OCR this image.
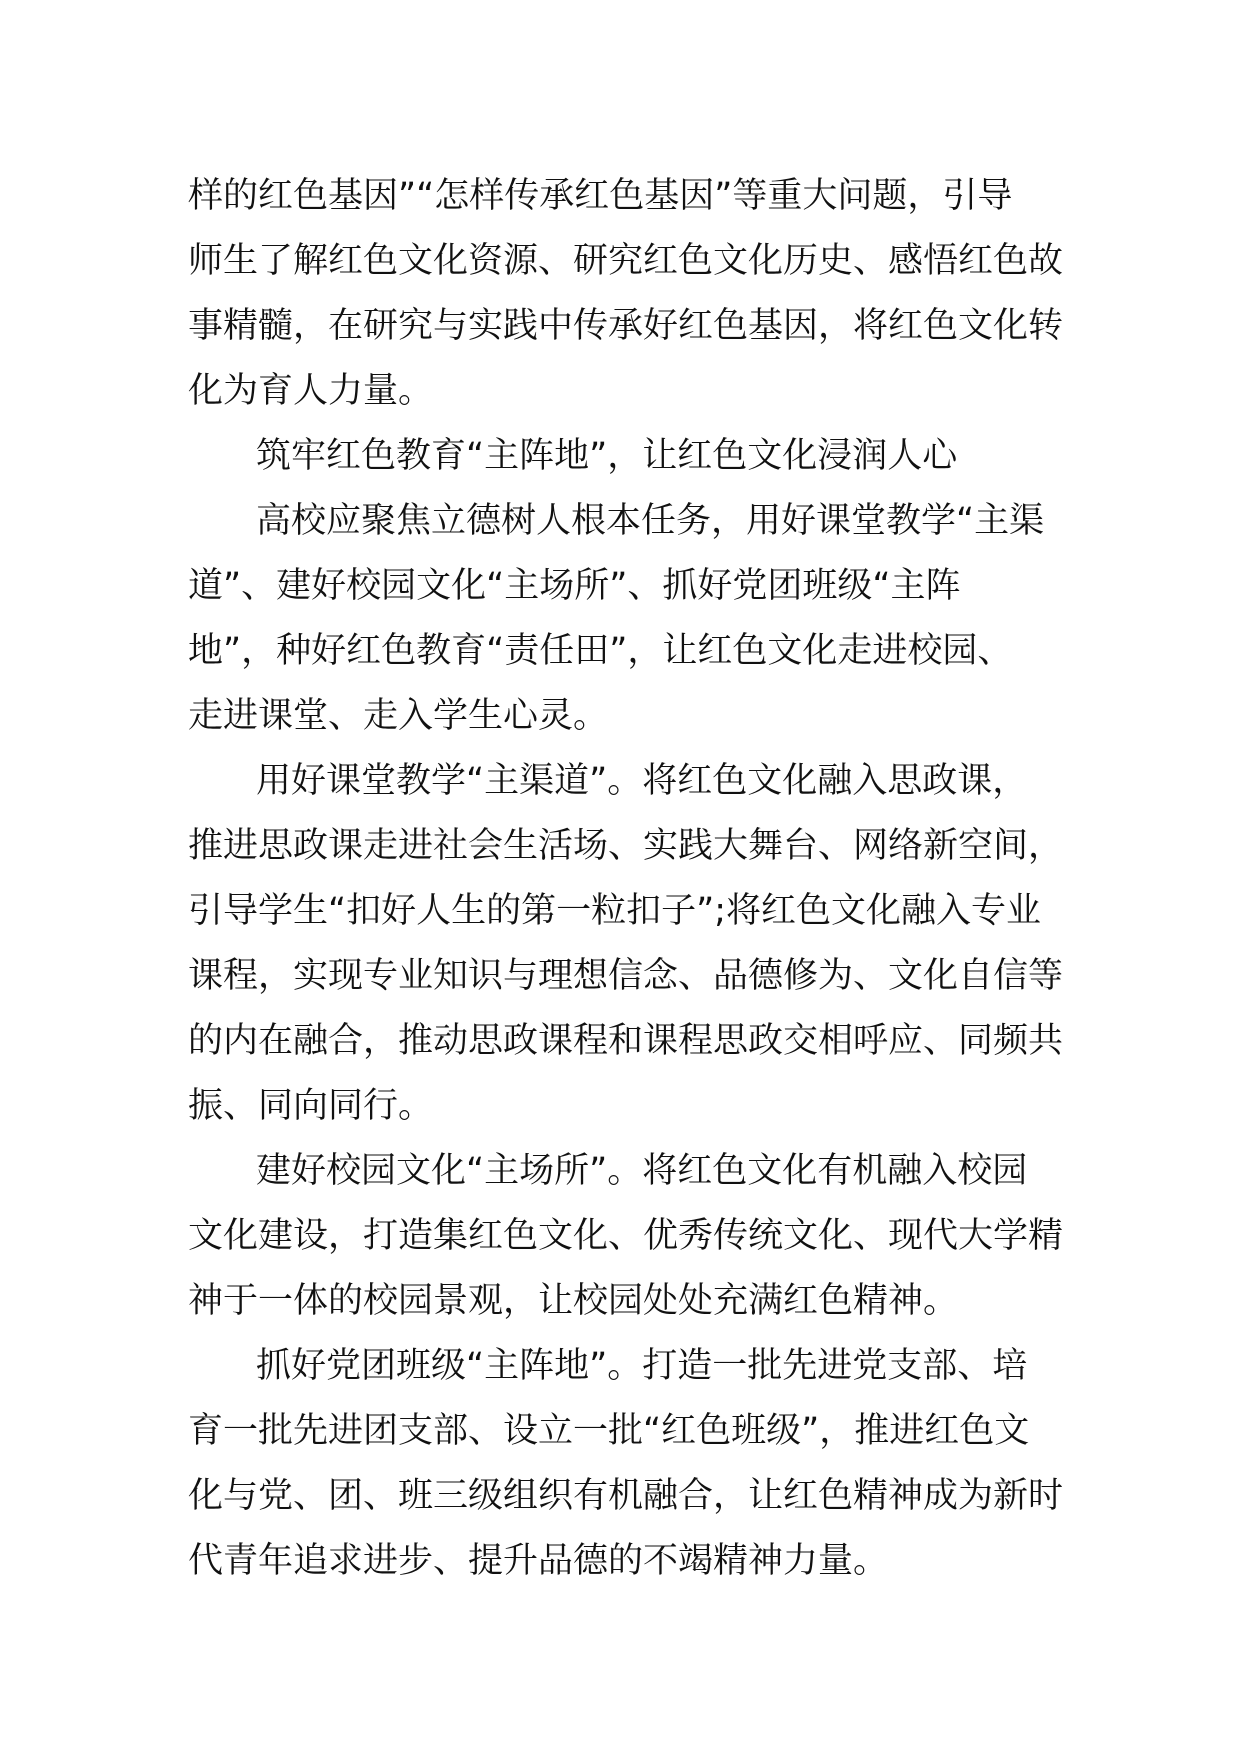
样的红色基因”“怎样传承红色基因”等重大问题，引导
师生了解红色文化资源、研究红色文化历史、感悟红色故
事精髓，在研究与实践中传承好红色基因，将红色文化转
化为育人力量。
筑牢红色教育“主阵地”，让红色文化浸润人心
高校应聚焦立德树人根本任务，用好课堂教学“主渠
道”、建好校园文化“主场所”、抓好党团班级“主阵
地”，种好红色教育“责任田”，让红色文化走进校园、
走进课堂、走入学生心灵。
用好课堂教学“主渠道”。将红色文化融入思政课，
推进思政课走进社会生活场、实践大舞台、网络新空间，
引导学生“扣好人生的第一粒扣子”;将红色文化融入专业
课程，实现专业知识与理想信念、品德修为、文化自信等
的内在融合，推动思政课程和课程思政交相呼应、同频共
振、同向同行。
建好校园文化“主场所”。将红色文化有机融入校园
文化建设，打造集红色文化、优秀传统文化、现代大学精
神于一体的校园景观，让校园处处充满红色精神。
抓好党团班级“主阵地”。打造一批先进党支部、培
育一批先进团支部、设立一批“红色班级”，推进红色文
化与党、团、班三级组织有机融合，让红色精神成为新时
代青年追求进步、提升品德的不竭精神力量。
